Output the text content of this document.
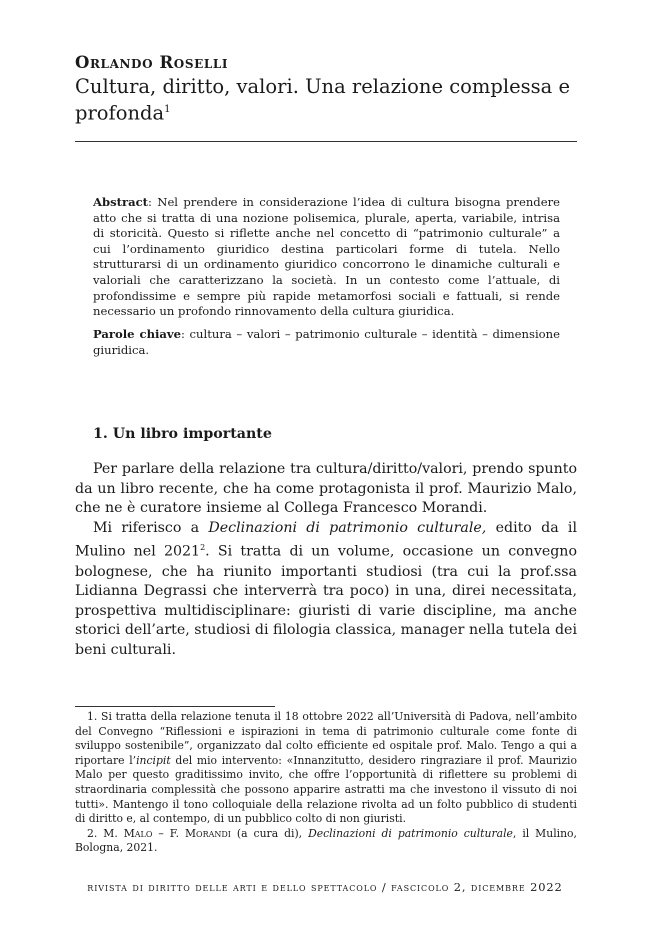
Orlando Roselli
Cultura, diritto, valori. Una relazione complessa e profonda$^1$

Abstract: Nel prendere in considerazione l’idea di cultura bisogna prendere atto che si tratta di una nozione polisemica, plurale, aperta, variabile, intrisa di storicità. Questo si riflette anche nel concetto di “patrimonio culturale” a cui l’ordinamento giuridico destina particolari forme di tutela. Nello strutturarsi di un ordinamento giuridico concorrono le dinamiche culturali e valoriali che caratterizzano la società. In un contesto come l’attuale, di profondissime e sempre più rapide metamorfosi sociali e fattuali, si rende necessario un profondo rinnovamento della cultura giuridica.

Parole chiave: cultura – valori – patrimonio culturale – identità – dimensione giuridica.

1. Un libro importante

Per parlare della relazione tra cultura/diritto/valori, prendo spunto da un libro recente, che ha come protagonista il prof. Maurizio Malo, che ne è curatore insieme al Collega Francesco Morandi.

Mi riferisco a Declinazioni di patrimonio culturale, edito da il Mulino nel 2021$^2$. Si tratta di un volume, occasione un convegno bolognese, che ha riunito importanti studiosi (tra cui la prof.ssa Lidianna Degrassi che interverrà tra poco) in una, direi necessitata, prospettiva multidisciplinare: giuristi di varie discipline, ma anche storici dell’arte, studiosi di filologia classica, manager nella tutela dei beni culturali.

1. Si tratta della relazione tenuta il 18 ottobre 2022 all’Università di Padova, nell’ambito del Convegno “Riflessioni e ispirazioni in tema di patrimonio culturale come fonte di sviluppo sostenibile”, organizzato dal colto efficiente ed ospitale prof. Malo. Tengo a qui a riportare l’incipit del mio intervento: «Innanzitutto, desidero ringraziare il prof. Maurizio Malo per questo graditissimo invito, che offre l’opportunità di riflettere su problemi di straordinaria complessità che possono apparire astratti ma che investono il vissuto di noi tutti». Mantengo il tono colloquiale della relazione rivolta ad un folto pubblico di studenti di diritto e, al contempo, di un pubblico colto di non giuristi.

2. M. Malo – F. Morandi (a cura di), Declinazioni di patrimonio culturale, il Mulino, Bologna, 2021.

rivista di diritto delle arti e dello spettacolo / fascicolo 2, dicembre 2022
